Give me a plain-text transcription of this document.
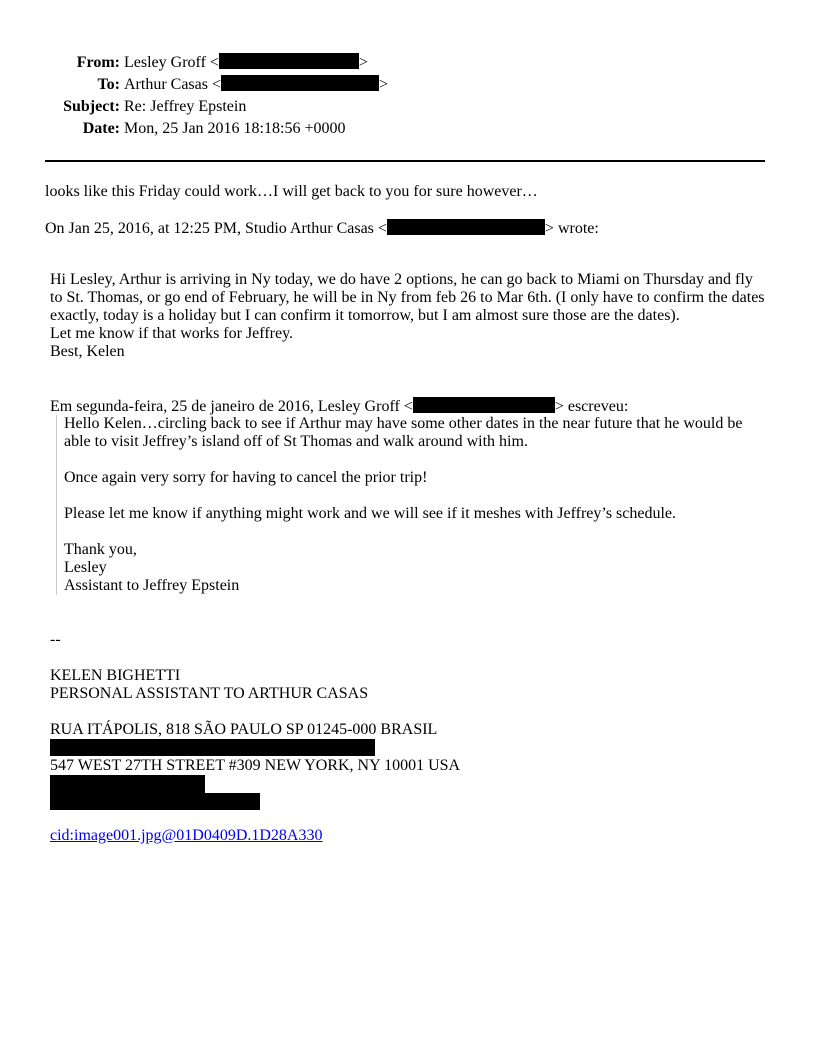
From: Lesley Groff <	>
To: Arthur Casas <	>
Subject: Re: Jeffrey Epstein
Date: Mon, 25 Jan 2016 18:18:56 +0000
looks like this Friday could work…I will get back to you for sure however…
On Jan 25, 2016, at 12:25 PM, Studio Arthur Casas <	> wrote:
Hi Lesley, Arthur is arriving in Ny today, we do have 2 options, he can go back to Miami on Thursday and fly
to St. Thomas, or go end of February, he will be in Ny from feb 26 to Mar 6th. (I only have to confirm the dates
exactly, today is a holiday but I can confirm it tomorrow, but I am almost sure those are the dates).
Let me know if that works for Jeffrey.
Best, Kelen
Em segunda-feira, 25 de janeiro de 2016, Lesley Groff <	> escreveu:
Hello Kelen…circling back to see if Arthur may have some other dates in the near future that he would be
able to visit Jeffrey’s island off of St Thomas and walk around with him.
Once again very sorry for having to cancel the prior trip!
Please let me know if anything might work and we will see if it meshes with Jeffrey’s schedule.
Thank you,
Lesley
Assistant to Jeffrey Epstein
--
KELEN BIGHETTI
PERSONAL ASSISTANT TO ARTHUR CASAS
RUA ITÁPOLIS, 818 SÃO PAULO SP 01245-000 BRASIL
547 WEST 27TH STREET #309 NEW YORK, NY 10001 USA
cid:image001.jpg@01D0409D.1D28A330
